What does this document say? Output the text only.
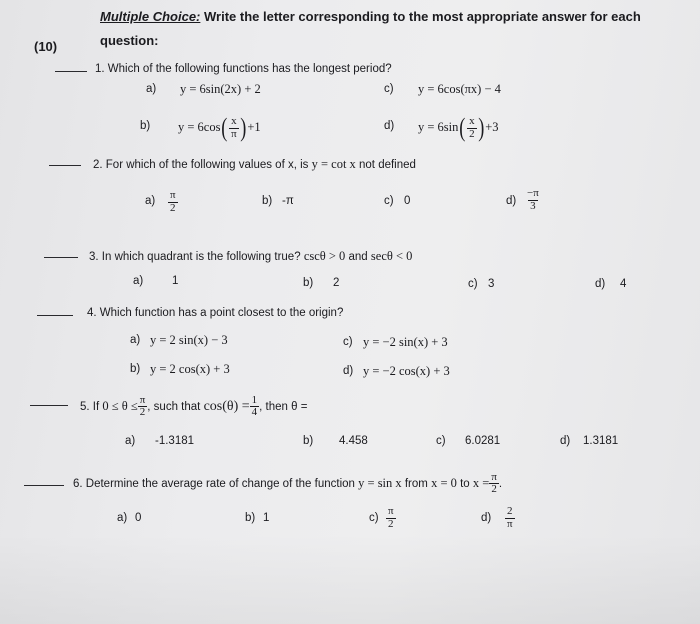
Multiple Choice: Write the letter corresponding to the most appropriate answer for each
(10)	question:
1. Which of the following functions has the longest period?
a) y = 6sin(2x) + 2	c) y = 6cos(πx) − 4
b) $y = 6\cos( \frac{x}{\pi} )+1$	d) $y = 6\sin( \frac{x}{2} )+3$
2. For which of the following values of x, is y = cot x not defined
$a) \frac{\pi}{2}$	b) -π	c) 0	$d) \frac{-\pi}{3}$
3. In which quadrant is the following true? cscθ > 0 and secθ < 0
a)	1	b) 2	c) 3	d) 4
4. Which function has a point closest to the origin?
a) y = 2 sin(x) − 3	c) y = −2 sin(x) + 3
b) y = 2 cos(x) + 3	d) y = −2 cos(x) + 3
5. If $0 \le \theta \le \frac{\pi}{2}$ , such that $\cos(\theta) = \frac{1}{4}$ , then θ =
a) -1.3181	b) 4.458	c) 6.0281	d) 1.3181
6. Determine the average rate of change of the function y = sin x from x = 0 to $x = \frac{\pi}{2}$ .
a) 0	b) 1	$c) \frac{\pi}{2}$	$d) \frac{2}{\pi}$
